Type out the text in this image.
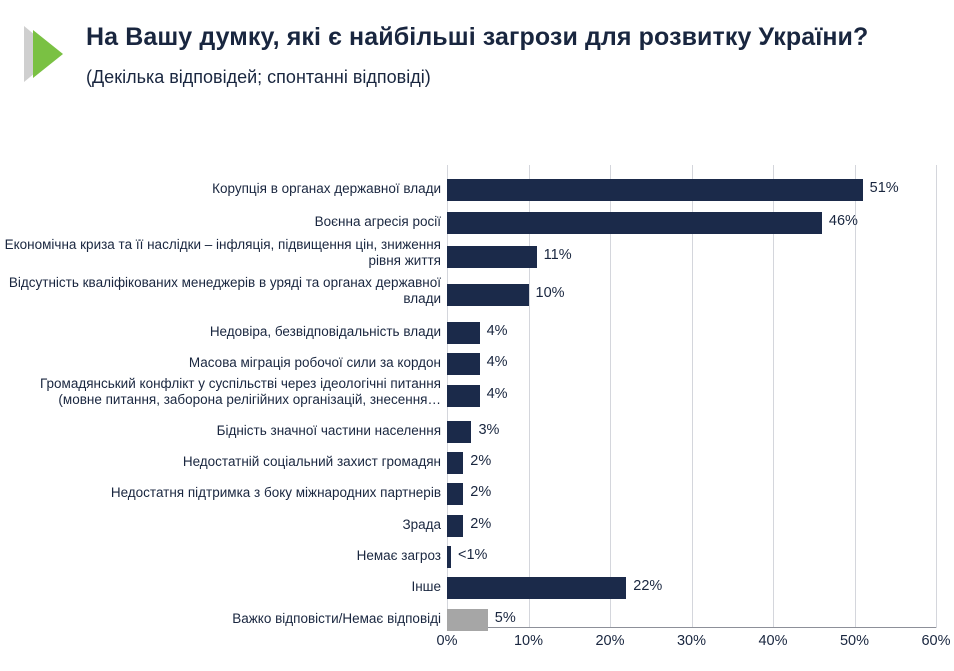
На Вашу думку, які є найбільші загрози для розвитку України?
(Декілька відповідей; спонтанні відповіді)
Корупція в органах державної влади	51%
Воєнна агресія росії	46%
Економічна криза та її наслідки – інфляція, підвищення цін, зниження рівня життя	11%
Відсутність кваліфікованих менеджерів в уряді та органах державної влади	10%
Недовіра, безвідповідальність влади	4%
Масова міграція робочої сили за кордон	4%
Громадянський конфлікт у суспільстві через ідеологічні питання (мовне питання, заборона релігійних організацій, знесення…	4%
Бідність значної частини населення	3%
Недостатній соціальний захист громадян 2%
Недостатня підтримка з боку міжнародних партнерів 2%
Зрада 2%
Немає загроз <1%
Інше	22%
Важко відповісти/Немає відповіді	5%
0%	10%	20%	30%	40%	50%	60%
